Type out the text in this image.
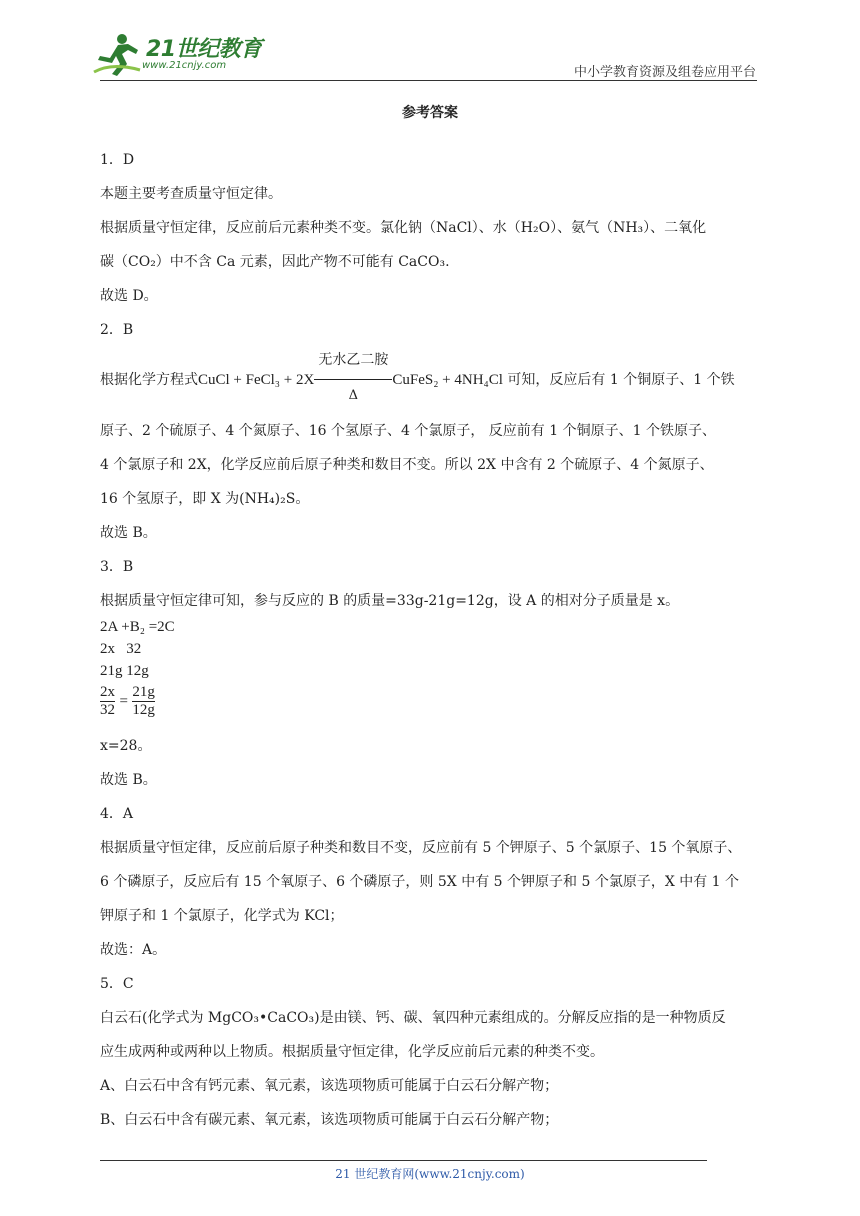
21世纪教育
www.21cnjy.com	中小学教育资源及组卷应用平台
参考答案
1．D
本题主要考查质量守恒定律。
根据质量守恒定律，反应前后元素种类不变。氯化钠（NaCl）、水（H₂O）、氨气（NH₃）、二氧化
碳（CO₂）中不含 Ca 元素，因此产物不可能有 CaCO₃.
故选 D。
2．B
根据化学方程式CuCl + FeCl₃ + 2X
无水乙二胺
Δ
CuFeS₂ + 4NH₄Cl 可知，反应后有 1 个铜原子、1 个铁
原子、2 个硫原子、4 个氮原子、16 个氢原子、4 个氯原子， 反应前有 1 个铜原子、1 个铁原子、
4 个氯原子和 2X，化学反应前后原子种类和数目不变。所以 2X 中含有 2 个硫原子、4 个氮原子、
16 个氢原子，即 X 为(NH₄)₂S。
故选 B。
3．B
根据质量守恒定律可知，参与反应的 B 的质量=33g-21g=12g，设 A 的相对分子质量是 x。
2A +B₂ =2C
2x   32
21g 12g
$\frac{2x}{32} = \frac{21g}{12g}$
x=28。
故选 B。
4．A
根据质量守恒定律，反应前后原子种类和数目不变，反应前有 5 个钾原子、5 个氯原子、15 个氧原子、
6 个磷原子，反应后有 15 个氧原子、6 个磷原子，则 5X 中有 5 个钾原子和 5 个氯原子，X 中有 1 个
钾原子和 1 个氯原子，化学式为 KCl；
故选：A。
5．C
白云石(化学式为 MgCO₃•CaCO₃)是由镁、钙、碳、氧四种元素组成的。分解反应指的是一种物质反
应生成两种或两种以上物质。根据质量守恒定律，化学反应前后元素的种类不变。
A、白云石中含有钙元素、氧元素，该选项物质可能属于白云石分解产物；
B、白云石中含有碳元素、氧元素，该选项物质可能属于白云石分解产物；
21 世纪教育网(www.21cnjy.com)
